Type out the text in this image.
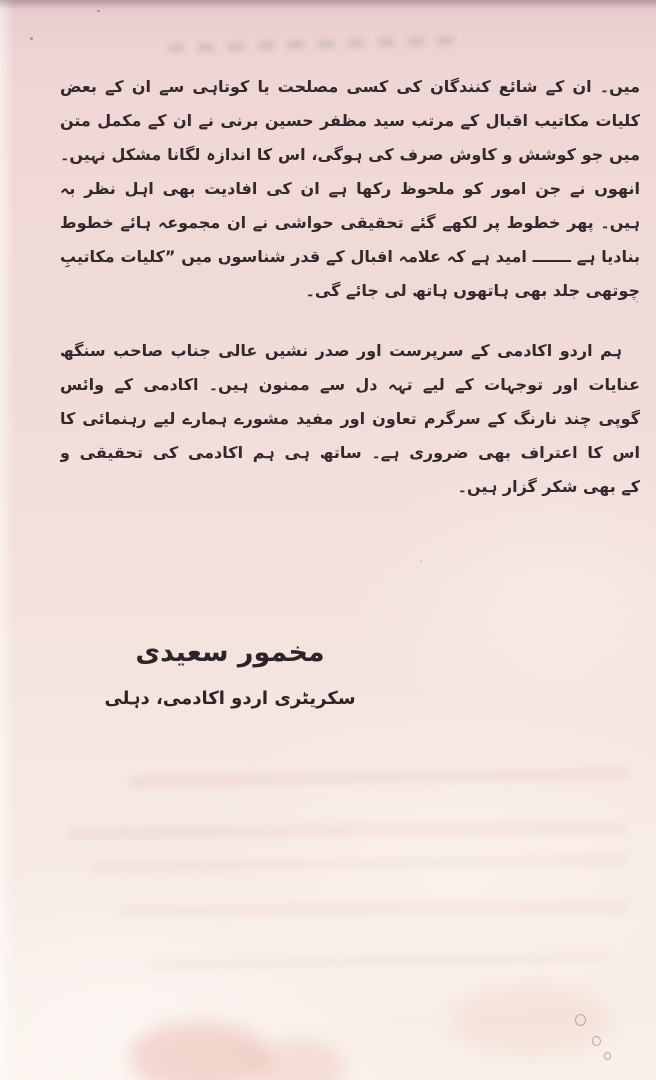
میں۔ ان کے شائع کنندگان کی کسی مصلحت یا کوتاہی سے ان کے بعض
کلیات مکاتیب اقبال کے مرتب سید مظفر حسین برنی نے ان کے مکمل متن
میں جو کوشش و کاوش صرف کی ہوگی، اس کا اندازہ لگانا مشکل نہیں۔
انھوں نے جن امور کو ملحوظ رکھا ہے ان کی افادیت بھی اہل نظر بہ
ہیں۔ پھر خطوط پر لکھے گئے تحقیقی حواشی نے ان مجموعہ ہائے خطوط
بنادیا ہے ـــــــ امید ہے کہ علامہ اقبال کے قدر شناسوں میں ”کلیات مکاتیبِ
چوتھی جلد بھی ہاتھوں ہاتھ لی جائے گی۔
ہم اردو اکادمی کے سرپرست اور صدر نشیں عالی جناب صاحب سنگھ
عنایات اور توجہات کے لیے تہہ دل سے ممنون ہیں۔ اکادمی کے وائس
گوپی چند نارنگ کے سرگرم تعاون اور مفید مشورے ہمارے لیے رہنمائی کا
اس کا اعتراف بھی ضروری ہے۔ ساتھ ہی ہم اکادمی کی تحقیقی و
کے بھی شکر گزار ہیں۔
مخمور سعیدی
سکریٹری اردو اکادمی، دہلی
